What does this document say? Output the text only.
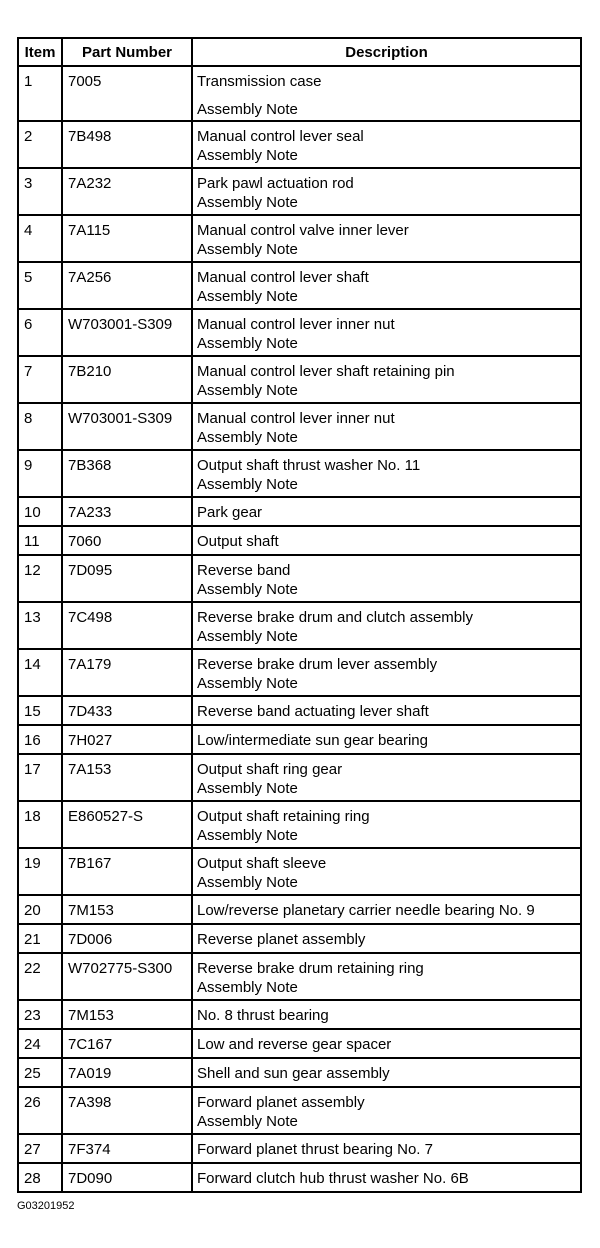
Item	Part Number	Description

1	7005	Transmission case
Assembly Note

2	7B498	Manual control lever seal
Assembly Note

3	7A232	Park pawl actuation rod
Assembly Note

4	7A115	Manual control valve inner lever
Assembly Note

5	7A256	Manual control lever shaft
Assembly Note

6	W703001-S309	Manual control lever inner nut
Assembly Note

7	7B210	Manual control lever shaft retaining pin
Assembly Note

8	W703001-S309	Manual control lever inner nut
Assembly Note

9	7B368	Output shaft thrust washer No. 11
Assembly Note

10	7A233	Park gear

11	7060	Output shaft

12	7D095	Reverse band
Assembly Note

13	7C498	Reverse brake drum and clutch assembly
Assembly Note

14	7A179	Reverse brake drum lever assembly
Assembly Note

15	7D433	Reverse band actuating lever shaft

16	7H027	Low/intermediate sun gear bearing

17	7A153	Output shaft ring gear
Assembly Note

18	E860527-S	Output shaft retaining ring
Assembly Note

19	7B167	Output shaft sleeve
Assembly Note

20	7M153	Low/reverse planetary carrier needle bearing No. 9

21	7D006	Reverse planet assembly

22	W702775-S300	Reverse brake drum retaining ring
Assembly Note

23	7M153	No. 8 thrust bearing

24	7C167	Low and reverse gear spacer

25	7A019	Shell and sun gear assembly

26	7A398	Forward planet assembly
Assembly Note

27	7F374	Forward planet thrust bearing No. 7

28	7D090	Forward clutch hub thrust washer No. 6B
G03201952
